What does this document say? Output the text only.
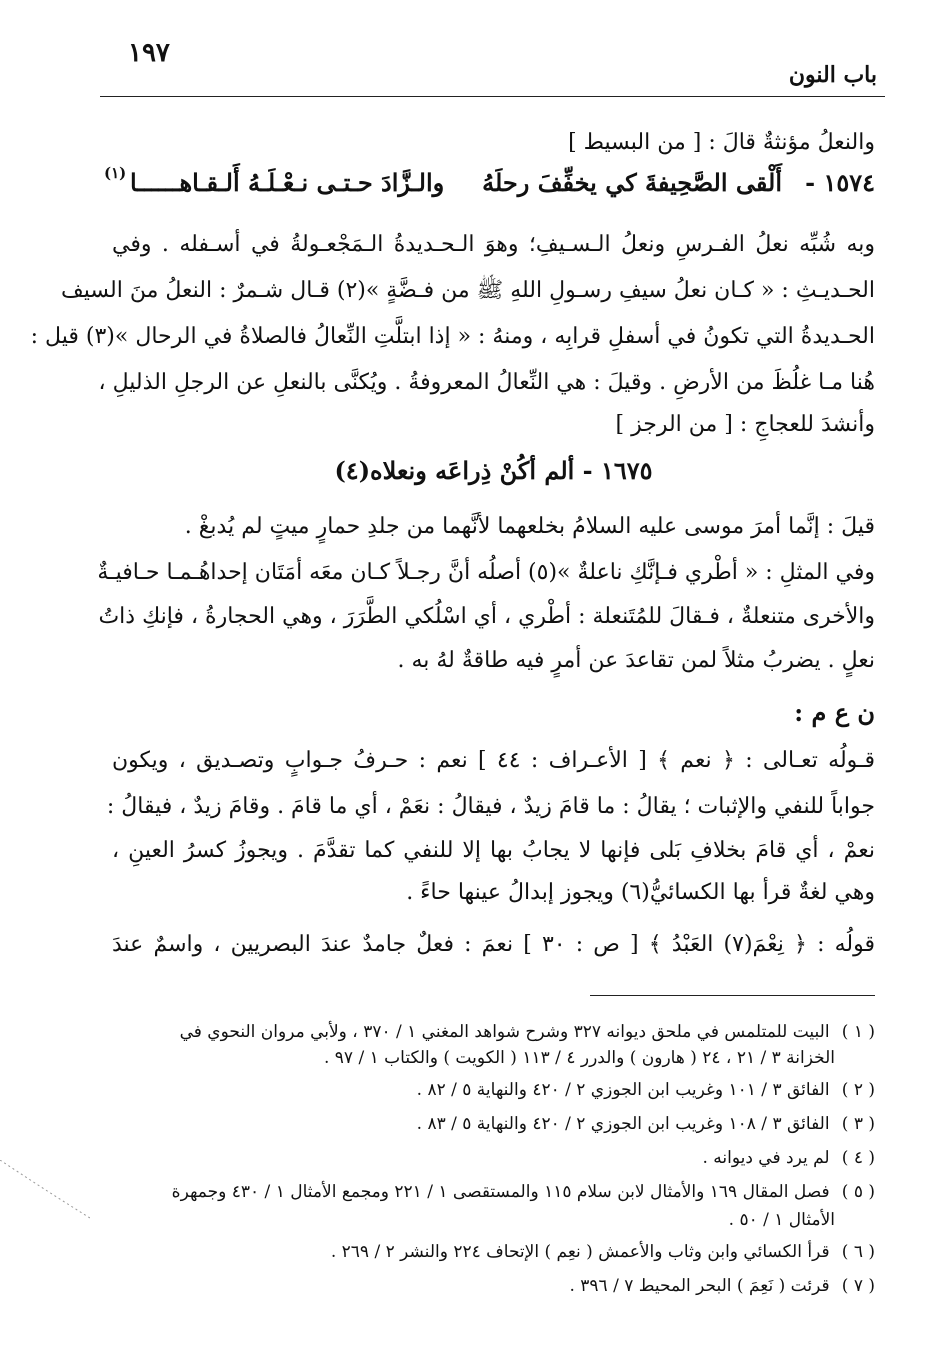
١٩٧
باب النون
والنعلُ مؤنثةٌ قالَ : [ من البسيط ]
١٥٧٤ -
أَلْقى الصَّحِيفةَ كي يخفِّفَ رحلَهُ
والـزَّادَ حـتـى نـعْـلَـهُ أَلـقـاهــــــا
(١)
وبه شُبِّه نعلُ الفـرسِ ونعلُ الـسـيفِ؛ وهوَ الـحـديدةُ الـمَجْعـولةُ في أسـفله . وفي
الحـديـثِ : « كـان نعلُ سيفِ رسـولِ اللهِ ﷺ من فـضَّةٍ »(٢) قـال شـمرٌ : النعلُ منَ السيف
الحـديدةُ التي تكونُ في أسفلِ قرابِه ، ومنهُ : « إذا ابتلَّتِ النِّعالُ فالصلاةُ في الرحال »(٣) قيل :
هُنا مـا غلُظَ من الأرضِ . وقيلَ : هي النِّعالُ المعروفةُ . ويُكنَّى بالنعلِ عن الرجلِ الذليلِ ،
وأنشدَ للعجاجِ : [ من الرجز ]
١٦٧٥ - ألم أكُنْ ذِراعَه ونعلاه(٤)
قيلَ : إنَّما أمرَ موسى عليه السلامُ بخلعهما لأنَّهما من جلدِ حمارٍ ميتٍ لم يُدبغْ .
وفي المثلِ : « أطْري فـإنَّكِ ناعلةٌ »(٥) أصلُه أنَّ رجـلاً كـان معَه أمَتَان إحداهُـمـا حـافيـةٌ
والأخرى متنعلةٌ ، فـقالَ للمُتَنعلة : أطْري ، أي اسْلُكي الطَّرَرَ ، وهي الحجارةُ ، فإنكِ ذاتُ
نعلٍ . يضربُ مثلاً لمن تقاعدَ عن أمرٍ فيه طاقةٌ لهُ به .
ن ع م :
قـولُه تعـالى : ﴿ نعم ﴾ [ الأعـراف : ٤٤ ] نعم : حـرفُ جـوابٍ وتصـديق ، ويكون
جواباً للنفي والإثبات ؛ يقالُ : ما قامَ زيدٌ ، فيقالُ : نعَمْ ، أي ما قامَ . وقامَ زيدٌ ، فيقالُ :
نعمْ ، أي قامَ بخلافِ بَلى فإنها لا يجابُ بها إلا للنفي كما تقدَّمَ . ويجوزُ كسرُ العينِ ،
وهي لغةٌ قرأ بها الكسائيُّ(٦) ويجوز إبدالُ عينها حاءً .
قولُه : ﴿ نِعْمَ(٧) العَبْدُ ﴾ [ ص : ٣٠ ] نعمَ : فعلٌ جامدٌ عندَ البصريين ، واسمٌ عندَ
( ١ ) البيت للمتلمس في ملحق ديوانه ٣٢٧ وشرح شواهد المغني ١ / ٣٧٠ ، ولأبي مروان النحوي في
الخزانة ٣ / ٢١ ، ٢٤ ( هارون ) والدرر ٤ / ١١٣ ( الكويت ) والكتاب ١ / ٩٧ .
( ٢ ) الفائق ٣ / ١٠١ وغريب ابن الجوزي ٢ / ٤٢٠ والنهاية ٥ / ٨٢ .
( ٣ ) الفائق ٣ / ١٠٨ وغريب ابن الجوزي ٢ / ٤٢٠ والنهاية ٥ / ٨٣ .
( ٤ ) لم يرد في ديوانه .
( ٥ ) فصل المقال ١٦٩ والأمثال لابن سلام ١١٥ والمستقصى ١ / ٢٢١ ومجمع الأمثال ١ / ٤٣٠ وجمهرة
الأمثال ١ / ٥٠ .
( ٦ ) قرأ الكسائي وابن وثاب والأعمش ( نعِم ) الإتحاف ٢٢٤ والنشر ٢ / ٢٦٩ .
( ٧ ) قرئت ( نَعِمَ ) البحر المحيط ٧ / ٣٩٦ .
